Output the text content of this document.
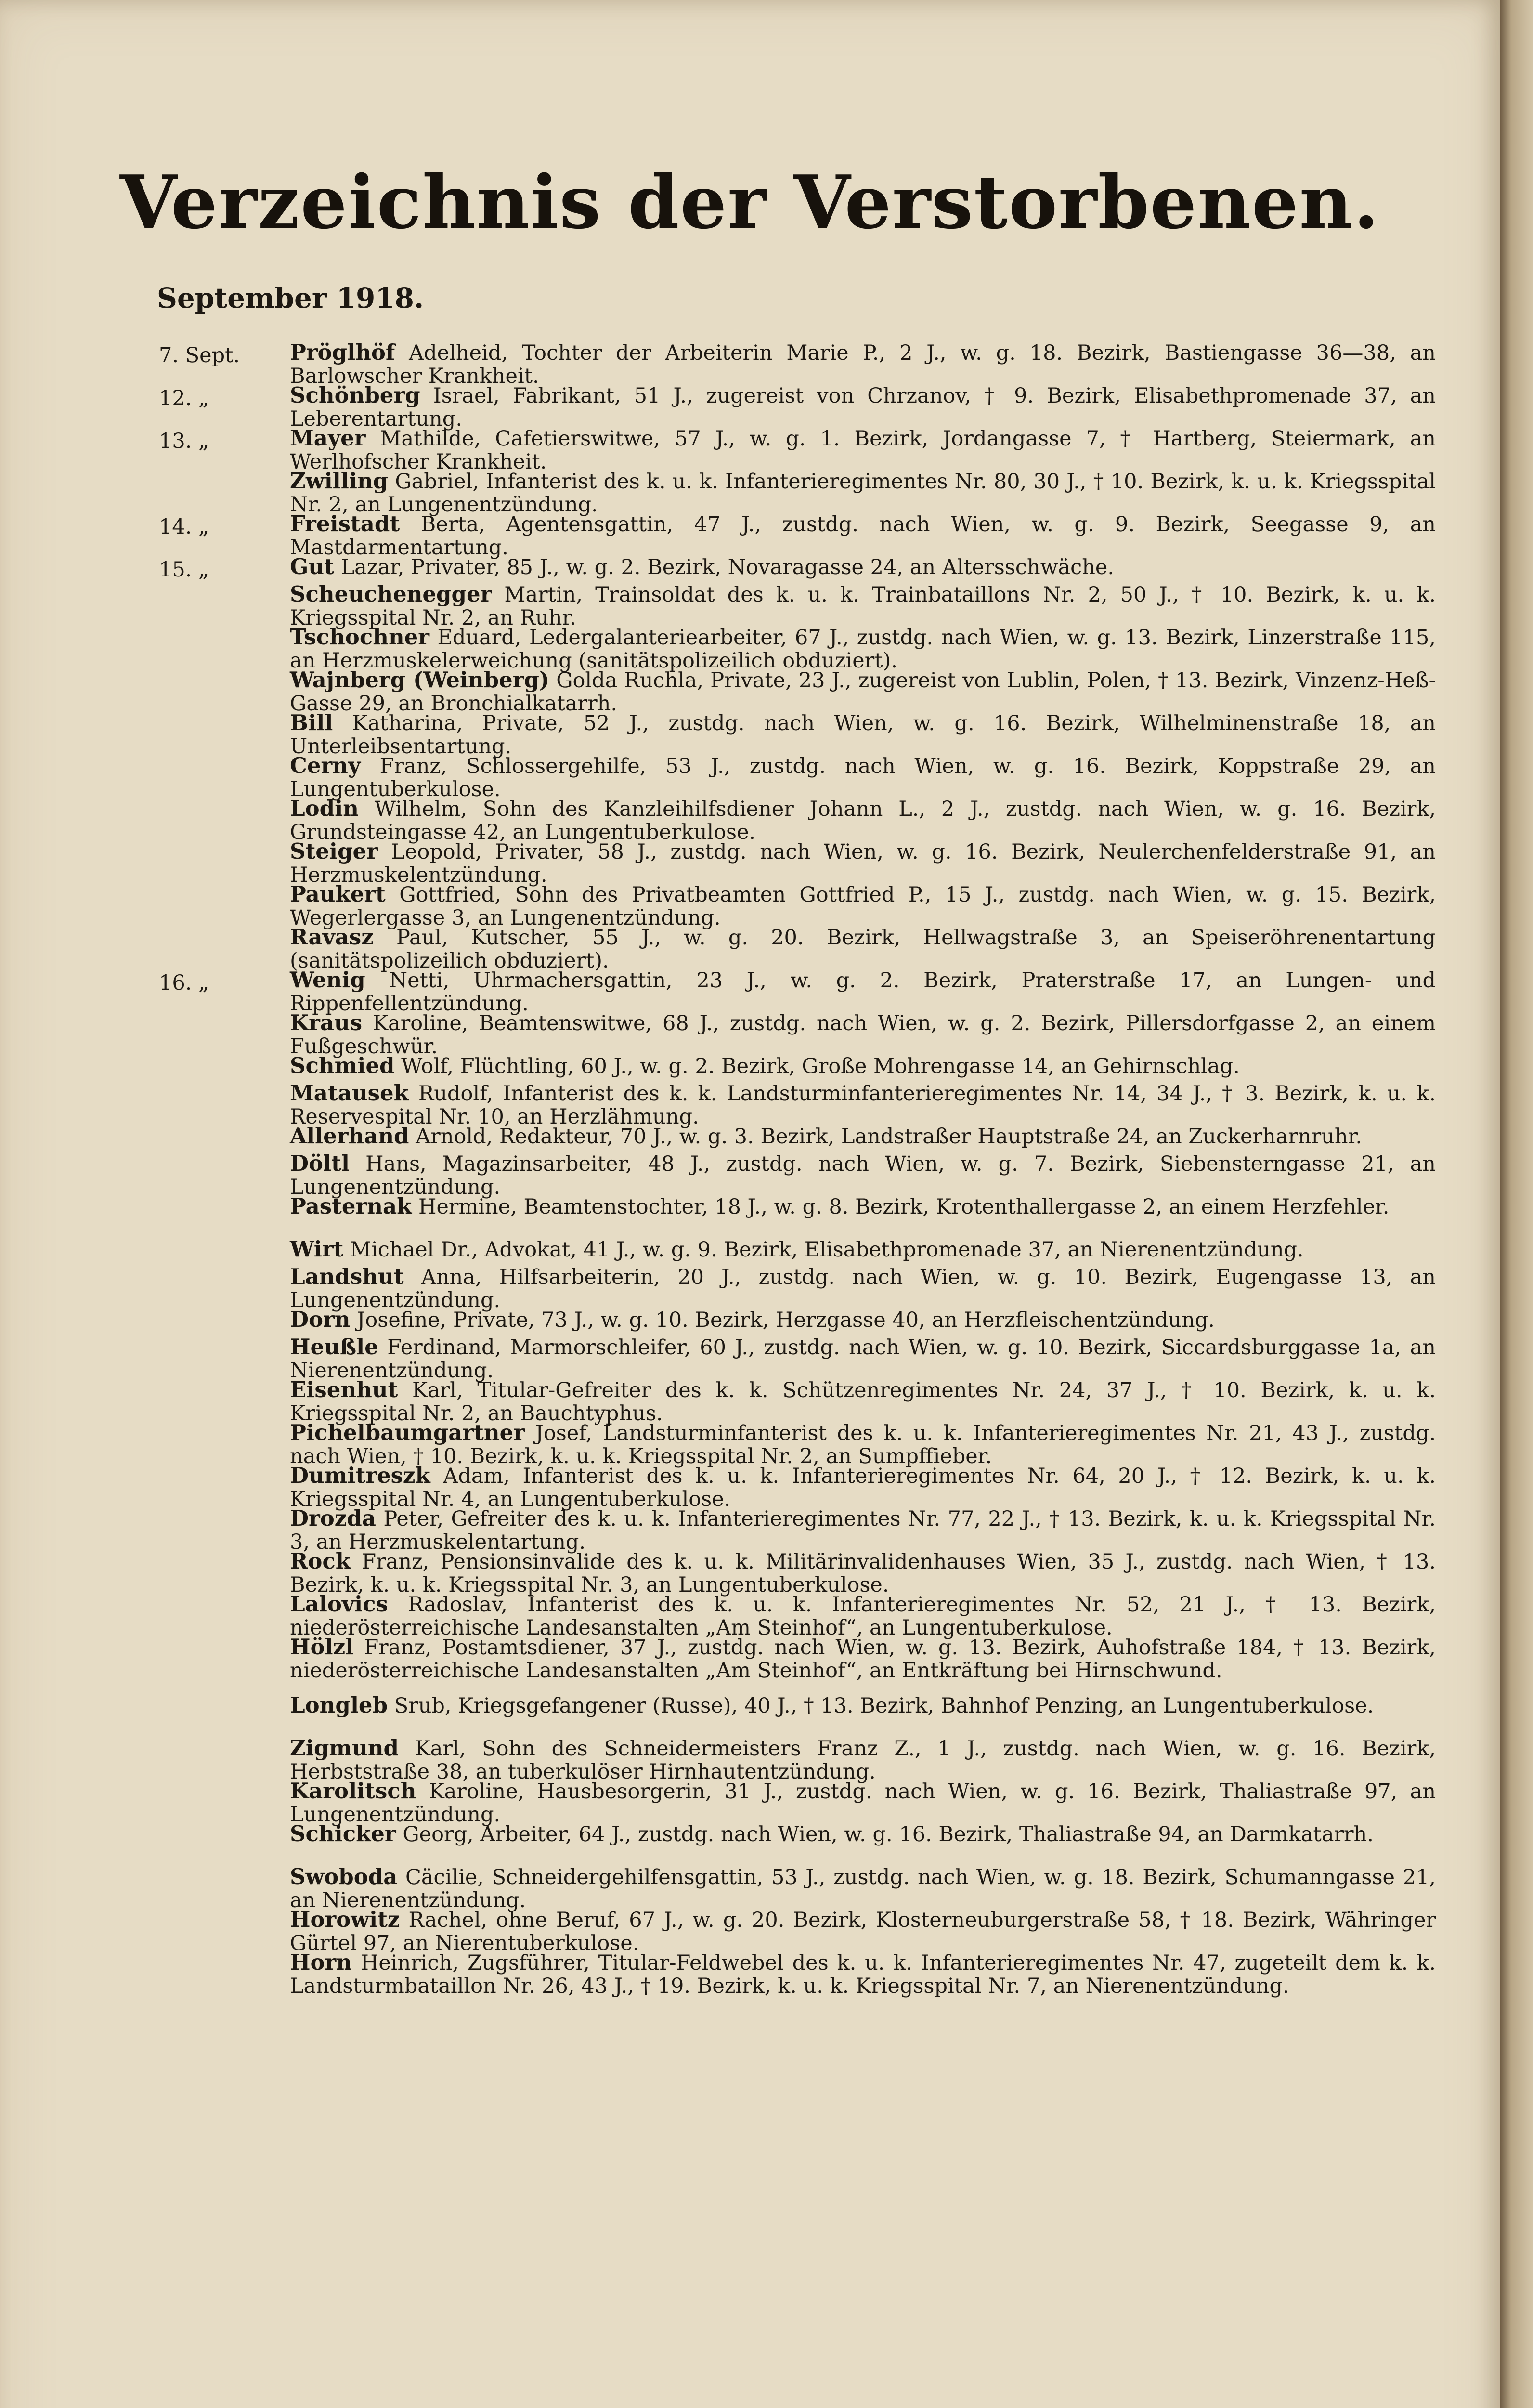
Verzeichnis der Verstorbenen.
September 1918.
7. Sept.	Pröglhöf Adelheid, Tochter der Arbeiterin Marie P., 2 J., w. g. 18. Bezirk, Bastiengasse 36—38, an Barlowscher Krankheit.
12. „	Schönberg Israel, Fabrikant, 51 J., zugereist von Chrzanov, † 9. Bezirk, Elisabethpromenade 37, an Leberentartung.
13. „	Mayer Mathilde, Cafetierswitwe, 57 J., w. g. 1. Bezirk, Jordangasse 7, † Hartberg, Steiermark, an Werlhofscher Krankheit.
Zwilling Gabriel, Infanterist des k. u. k. Infanterieregimentes Nr. 80, 30 J., † 10. Bezirk, k. u. k. Kriegsspital Nr. 2, an Lungenentzündung.
14. „	Freistadt Berta, Agentensgattin, 47 J., zustdg. nach Wien, w. g. 9. Bezirk, Seegasse 9, an Mastdarmentartung.
15. „	Gut Lazar, Privater, 85 J., w. g. 2. Bezirk, Novaragasse 24, an Altersschwäche.
Scheuchenegger Martin, Trainsoldat des k. u. k. Trainbataillons Nr. 2, 50 J., † 10. Bezirk, k. u. k. Kriegsspital Nr. 2, an Ruhr.
Tschochner Eduard, Ledergalanteriearbeiter, 67 J., zustdg. nach Wien, w. g. 13. Bezirk, Linzerstraße 115, an Herzmuskelerweichung (sanitätspolizeilich obduziert).
Wajnberg (Weinberg) Golda Ruchla, Private, 23 J., zugereist von Lublin, Polen, † 13. Bezirk, Vinzenz-Heß-Gasse 29, an Bronchialkatarrh.
Bill Katharina, Private, 52 J., zustdg. nach Wien, w. g. 16. Bezirk, Wilhelminenstraße 18, an Unterleibsentartung.
Cerny Franz, Schlossergehilfe, 53 J., zustdg. nach Wien, w. g. 16. Bezirk, Koppstraße 29, an Lungentuberkulose.
Lodin Wilhelm, Sohn des Kanzleihilfsdiener Johann L., 2 J., zustdg. nach Wien, w. g. 16. Bezirk, Grundsteingasse 42, an Lungentuberkulose.
Steiger Leopold, Privater, 58 J., zustdg. nach Wien, w. g. 16. Bezirk, Neulerchenfelderstraße 91, an Herzmuskelentzündung.
Paukert Gottfried, Sohn des Privatbeamten Gottfried P., 15 J., zustdg. nach Wien, w. g. 15. Bezirk, Wegerlergasse 3, an Lungenentzündung.
Ravasz Paul, Kutscher, 55 J., w. g. 20. Bezirk, Hellwagstraße 3, an Speiseröhrenentartung (sanitätspolizeilich obduziert).
16. „	Wenig Netti, Uhrmachersgattin, 23 J., w. g. 2. Bezirk, Praterstraße 17, an Lungen- und Rippenfellentzündung.
Kraus Karoline, Beamtenswitwe, 68 J., zustdg. nach Wien, w. g. 2. Bezirk, Pillersdorfgasse 2, an einem Fußgeschwür.
Schmied Wolf, Flüchtling, 60 J., w. g. 2. Bezirk, Große Mohrengasse 14, an Gehirnschlag.
Matausek Rudolf, Infanterist des k. k. Landsturminfanterieregimentes Nr. 14, 34 J., † 3. Bezirk, k. u. k. Reservespital Nr. 10, an Herzlähmung.
Allerhand Arnold, Redakteur, 70 J., w. g. 3. Bezirk, Landstraßer Hauptstraße 24, an Zuckerharnruhr.
Döltl Hans, Magazinsarbeiter, 48 J., zustdg. nach Wien, w. g. 7. Bezirk, Siebensterngasse 21, an Lungenentzündung.
Pasternak Hermine, Beamtenstochter, 18 J., w. g. 8. Bezirk, Krotenthallergasse 2, an einem Herzfehler.
Wirt Michael Dr., Advokat, 41 J., w. g. 9. Bezirk, Elisabethpromenade 37, an Nierenentzündung.
Landshut Anna, Hilfsarbeiterin, 20 J., zustdg. nach Wien, w. g. 10. Bezirk, Eugengasse 13, an Lungenentzündung.
Dorn Josefine, Private, 73 J., w. g. 10. Bezirk, Herzgasse 40, an Herzfleischentzündung.
Heußle Ferdinand, Marmorschleifer, 60 J., zustdg. nach Wien, w. g. 10. Bezirk, Siccardsburggasse 1a, an Nierenentzündung.
Eisenhut Karl, Titular-Gefreiter des k. k. Schützenregimentes Nr. 24, 37 J., † 10. Bezirk, k. u. k. Kriegsspital Nr. 2, an Bauchtyphus.
Pichelbaumgartner Josef, Landsturminfanterist des k. u. k. Infanterieregimentes Nr. 21, 43 J., zustdg. nach Wien, † 10. Bezirk, k. u. k. Kriegsspital Nr. 2, an Sumpffieber.
Dumitreszk Adam, Infanterist des k. u. k. Infanterieregimentes Nr. 64, 20 J., † 12. Bezirk, k. u. k. Kriegsspital Nr. 4, an Lungentuberkulose.
Drozda Peter, Gefreiter des k. u. k. Infanterieregimentes Nr. 77, 22 J., † 13. Bezirk, k. u. k. Kriegsspital Nr. 3, an Herzmuskelentartung.
Rock Franz, Pensionsinvalide des k. u. k. Militärinvalidenhauses Wien, 35 J., zustdg. nach Wien, † 13. Bezirk, k. u. k. Kriegsspital Nr. 3, an Lungentuberkulose.
Lalovics Radoslav, Infanterist des k. u. k. Infanterieregimentes Nr. 52, 21 J., † 13. Bezirk, niederösterreichische Landesanstalten „Am Steinhof“, an Lungentuberkulose.
Hölzl Franz, Postamtsdiener, 37 J., zustdg. nach Wien, w. g. 13. Bezirk, Auhofstraße 184, † 13. Bezirk, niederösterreichische Landesanstalten „Am Steinhof“, an Entkräftung bei Hirnschwund.
Longleb Srub, Kriegsgefangener (Russe), 40 J., † 13. Bezirk, Bahnhof Penzing, an Lungentuberkulose.
Zigmund Karl, Sohn des Schneidermeisters Franz Z., 1 J., zustdg. nach Wien, w. g. 16. Bezirk, Herbststraße 38, an tuberkulöser Hirnhautentzündung.
Karolitsch Karoline, Hausbesorgerin, 31 J., zustdg. nach Wien, w. g. 16. Bezirk, Thaliastraße 97, an Lungenentzündung.
Schicker Georg, Arbeiter, 64 J., zustdg. nach Wien, w. g. 16. Bezirk, Thaliastraße 94, an Darmkatarrh.
Swoboda Cäcilie, Schneidergehilfensgattin, 53 J., zustdg. nach Wien, w. g. 18. Bezirk, Schumanngasse 21, an Nierenentzündung.
Horowitz Rachel, ohne Beruf, 67 J., w. g. 20. Bezirk, Klosterneuburgerstraße 58, † 18. Bezirk, Währinger Gürtel 97, an Nierentuberkulose.
Horn Heinrich, Zugsführer, Titular-Feldwebel des k. u. k. Infanterieregimentes Nr. 47, zugeteilt dem k. k. Landsturmbataillon Nr. 26, 43 J., † 19. Bezirk, k. u. k. Kriegsspital Nr. 7, an Nierenentzündung.
